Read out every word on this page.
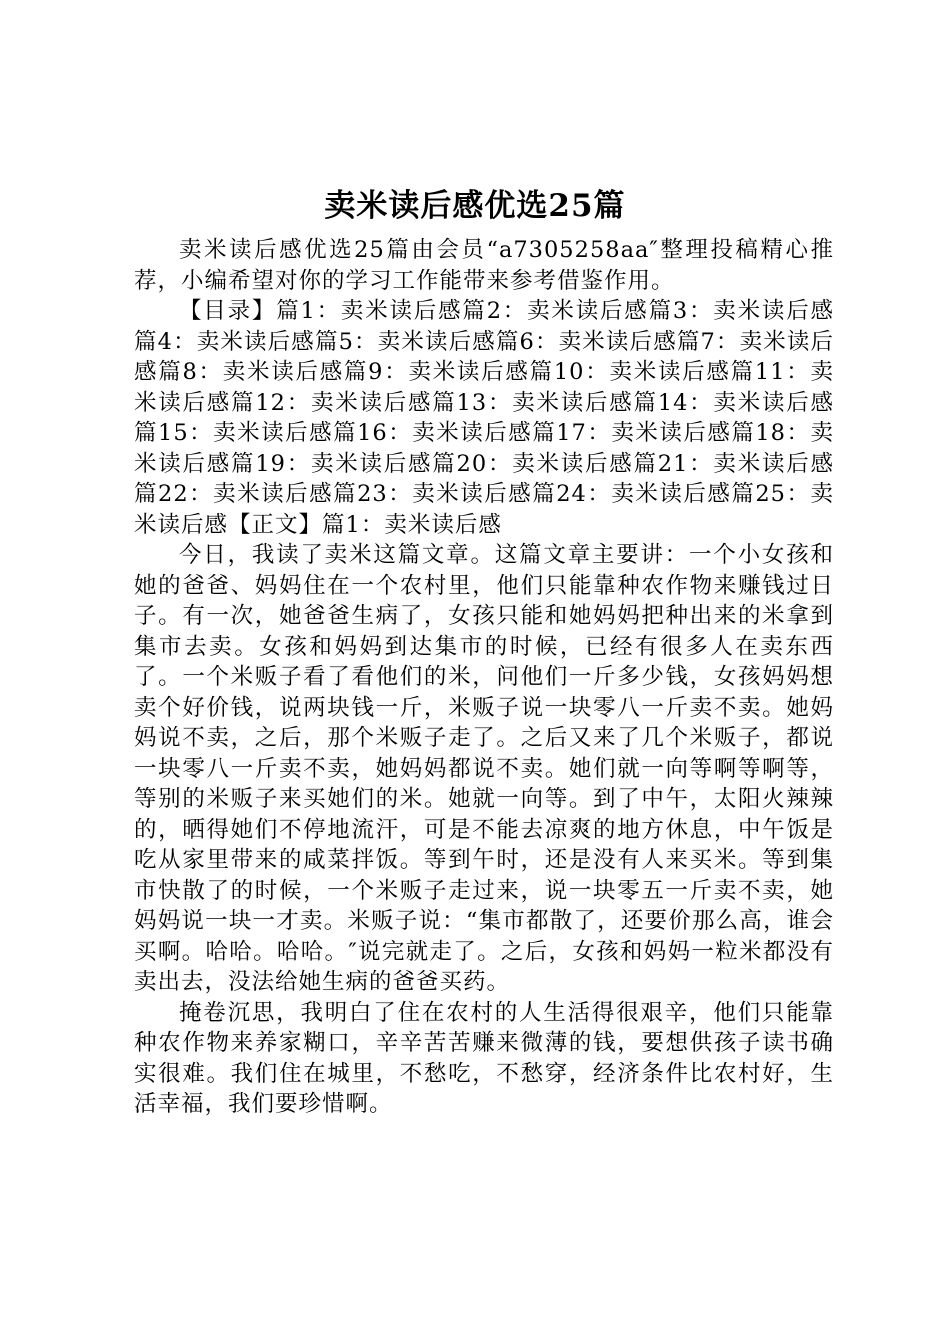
卖米读后感优选25篇

卖米读后感优选25篇由会员“a7305258aa″整理投稿精心推荐，小编希望对你的学习工作能带来参考借鉴作用。

【目录】篇1：卖米读后感篇2：卖米读后感篇3：卖米读后感篇4：卖米读后感篇5：卖米读后感篇6：卖米读后感篇7：卖米读后感篇8：卖米读后感篇9：卖米读后感篇10：卖米读后感篇11：卖米读后感篇12：卖米读后感篇13：卖米读后感篇14：卖米读后感篇15：卖米读后感篇16：卖米读后感篇17：卖米读后感篇18：卖米读后感篇19：卖米读后感篇20：卖米读后感篇21：卖米读后感篇22：卖米读后感篇23：卖米读后感篇24：卖米读后感篇25：卖米读后感【正文】篇1：卖米读后感

今日，我读了卖米这篇文章。这篇文章主要讲：一个小女孩和她的爸爸、妈妈住在一个农村里，他们只能靠种农作物来赚钱过日子。有一次，她爸爸生病了，女孩只能和她妈妈把种出来的米拿到集市去卖。女孩和妈妈到达集市的时候，已经有很多人在卖东西了。一个米贩子看了看他们的米，问他们一斤多少钱，女孩妈妈想卖个好价钱，说两块钱一斤，米贩子说一块零八一斤卖不卖。她妈妈说不卖，之后，那个米贩子走了。之后又来了几个米贩子，都说一块零八一斤卖不卖，她妈妈都说不卖。她们就一向等啊等啊等，等别的米贩子来买她们的米。她就一向等。到了中午，太阳火辣辣的，晒得她们不停地流汗，可是不能去凉爽的地方休息，中午饭是吃从家里带来的咸菜拌饭。等到午时，还是没有人来买米。等到集市快散了的时候，一个米贩子走过来，说一块零五一斤卖不卖，她妈妈说一块一才卖。米贩子说：“集市都散了，还要价那么高，谁会买啊。哈哈。哈哈。″说完就走了。之后，女孩和妈妈一粒米都没有卖出去，没法给她生病的爸爸买药。

掩卷沉思，我明白了住在农村的人生活得很艰辛，他们只能靠种农作物来养家糊口，辛辛苦苦赚来微薄的钱，要想供孩子读书确实很难。我们住在城里，不愁吃，不愁穿，经济条件比农村好，生活幸福，我们要珍惜啊。
